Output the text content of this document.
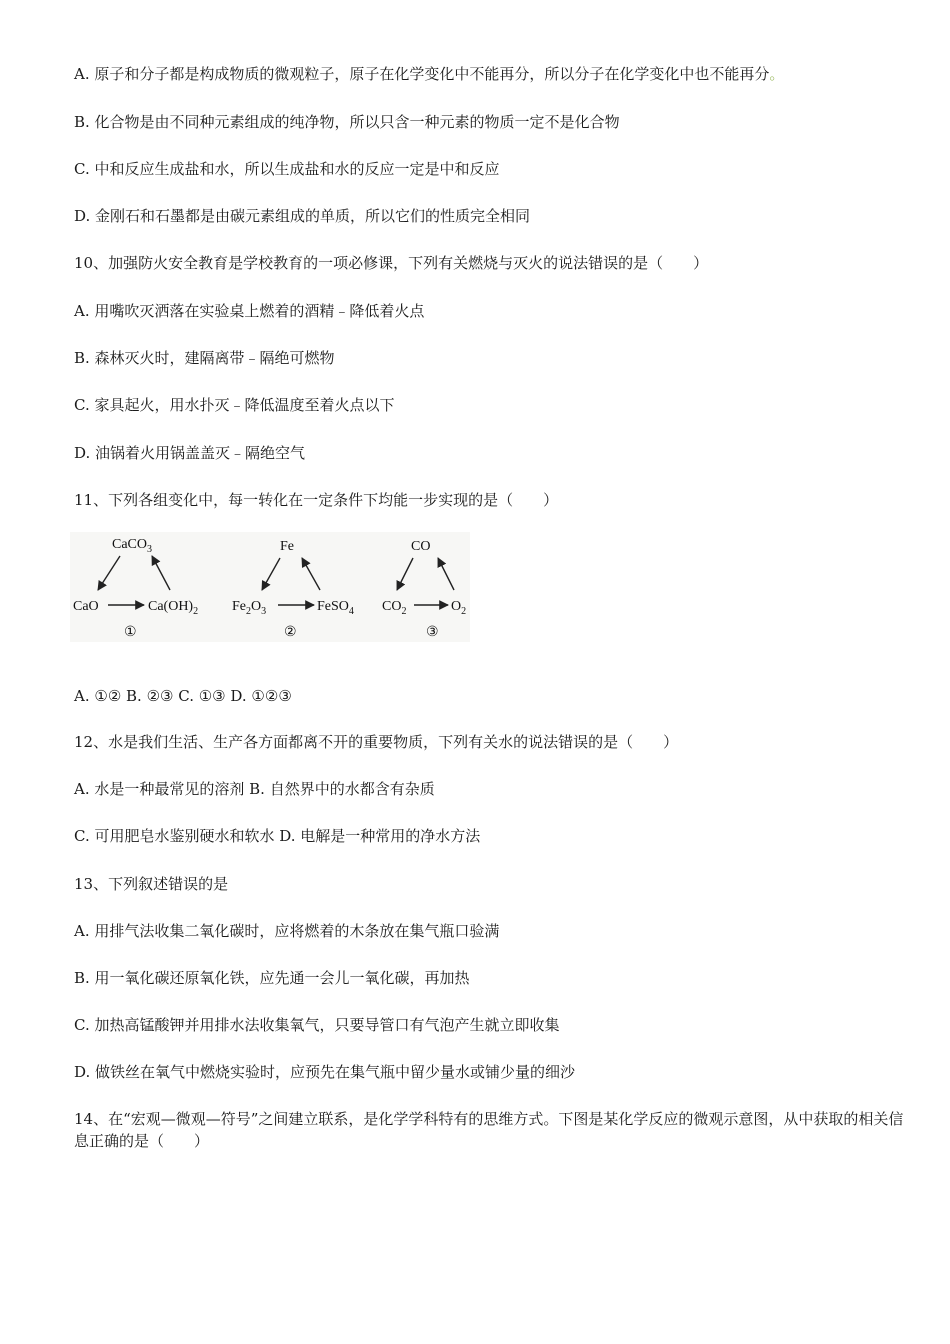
A. 原子和分子都是构成物质的微观粒子，原子在化学变化中不能再分，所以分子在化学变化中也不能再分。
B. 化合物是由不同种元素组成的纯净物，所以只含一种元素的物质一定不是化合物
C. 中和反应生成盐和水，所以生成盐和水的反应一定是中和反应
D. 金刚石和石墨都是由碳元素组成的单质，所以它们的性质完全相同
10、加强防火安全教育是学校教育的一项必修课，下列有关燃烧与灭火的说法错误的是（　　）
A. 用嘴吹灭洒落在实验桌上燃着的酒精﹣降低着火点
B. 森林灭火时，建隔离带﹣隔绝可燃物
C. 家具起火，用水扑灭﹣降低温度至着火点以下
D. 油锅着火用锅盖盖灭﹣隔绝空气
11、下列各组变化中，每一转化在一定条件下均能一步实现的是（　　）
CaCO$_3$
CaO	$Ca(OH)_2$
①
Fe
$Fe_2O_3$	FeSO$_4$
②
CO
$CO_2$	$O_2$
③
A. ①② B. ②③ C. ①③ D. ①②③
12、水是我们生活、生产各方面都离不开的重要物质，下列有关水的说法错误的是（　　）
A. 水是一种最常见的溶剂 B. 自然界中的水都含有杂质
C. 可用肥皂水鉴别硬水和软水 D. 电解是一种常用的净水方法
13、下列叙述错误的是
A. 用排气法收集二氧化碳时，应将燃着的木条放在集气瓶口验满
B. 用一氧化碳还原氧化铁，应先通一会儿一氧化碳，再加热
C. 加热高锰酸钾并用排水法收集氧气，只要导管口有气泡产生就立即收集
D. 做铁丝在氧气中燃烧实验时，应预先在集气瓶中留少量水或铺少量的细沙
14、在“宏观—微观—符号”之间建立联系，是化学学科特有的思维方式。下图是某化学反应的微观示意图，从中获取的相关信息正确的是（　　）
